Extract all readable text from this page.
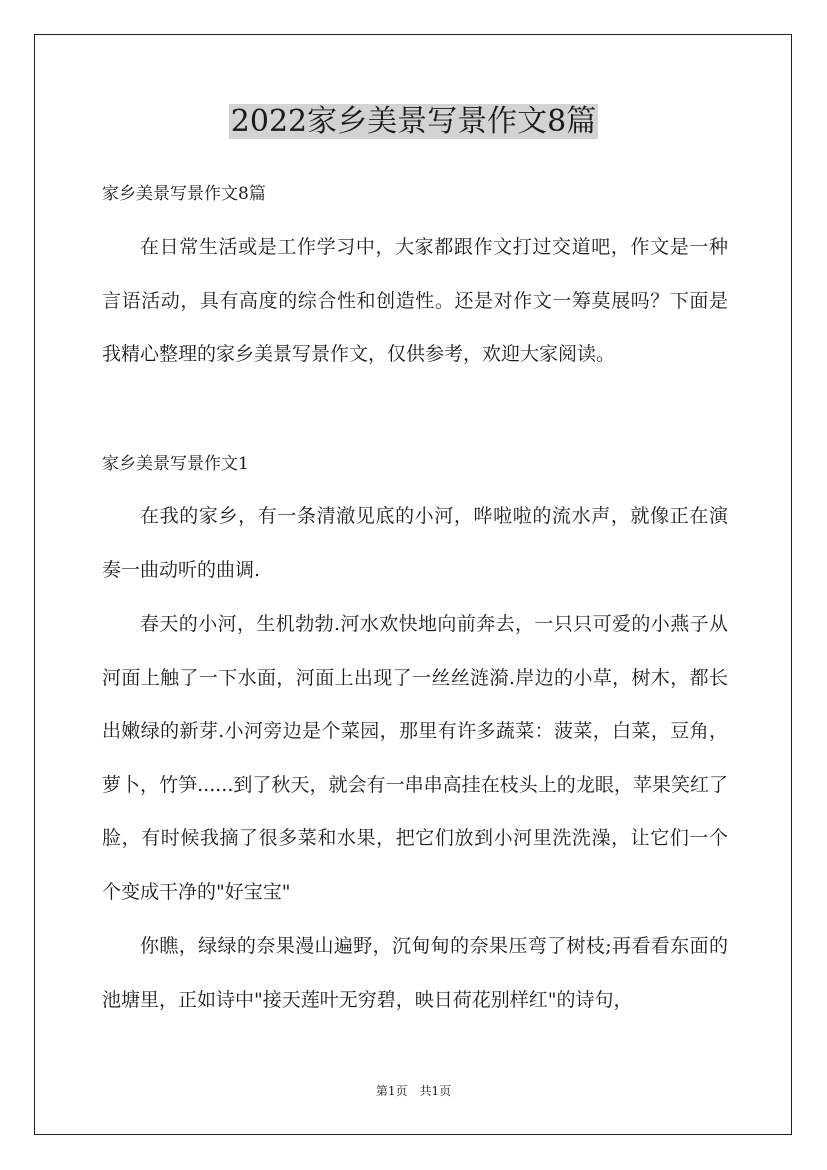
2022家乡美景写景作文8篇

家乡美景写景作文8篇

在日常生活或是工作学习中，大家都跟作文打过交道吧，作文是一种言语活动，具有高度的综合性和创造性。还是对作文一筹莫展吗？下面是我精心整理的家乡美景写景作文，仅供参考，欢迎大家阅读。

家乡美景写景作文1

在我的家乡，有一条清澈见底的小河，哗啦啦的流水声，就像正在演奏一曲动听的曲调.

春天的小河，生机勃勃.河水欢快地向前奔去，一只只可爱的小燕子从河面上触了一下水面，河面上出现了一丝丝涟漪.岸边的小草，树木，都长出嫩绿的新芽.小河旁边是个菜园，那里有许多蔬菜：菠菜，白菜，豆角，萝卜，竹笋......到了秋天，就会有一串串高挂在枝头上的龙眼，苹果笑红了脸，有时候我摘了很多菜和水果，把它们放到小河里洗洗澡，让它们一个个变成干净的"好宝宝"

你瞧，绿绿的奈果漫山遍野，沉甸甸的奈果压弯了树枝;再看看东面的池塘里，正如诗中"接天莲叶无穷碧，映日荷花别样红"的诗句，

第1页　共1页
